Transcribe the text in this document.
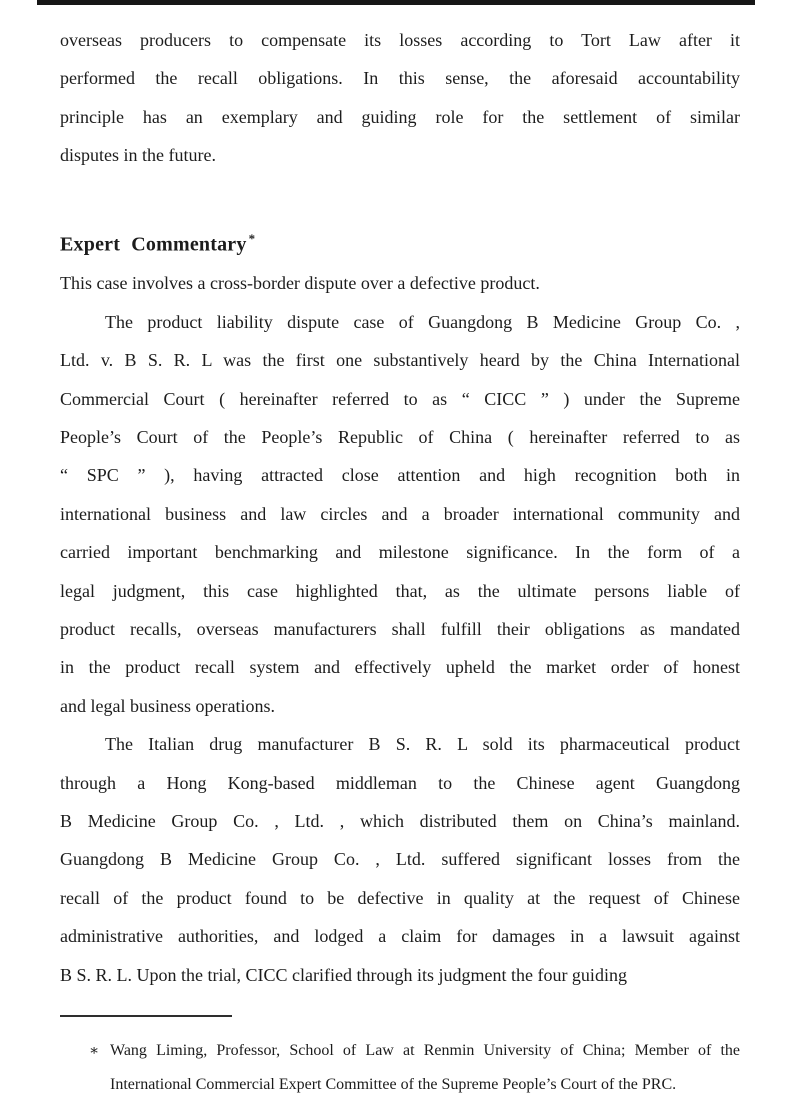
overseas producers to compensate its losses according to Tort Law after it
performed the recall obligations. In this sense, the aforesaid accountability
principle has an exemplary and guiding role for the settlement of similar
disputes in the future.
Expert Commentary *
This case involves a cross-border dispute over a defective product.
The product liability dispute case of Guangdong B Medicine Group Co. ,
Ltd. v. B S. R. L was the first one substantively heard by the China International
Commercial Court ( hereinafter referred to as “ CICC ” ) under the Supreme
People’s Court of the People’s Republic of China ( hereinafter referred to as
“ SPC ” ), having attracted close attention and high recognition both in
international business and law circles and a broader international community and
carried important benchmarking and milestone significance. In the form of a
legal judgment, this case highlighted that, as the ultimate persons liable of
product recalls, overseas manufacturers shall fulfill their obligations as mandated
in the product recall system and effectively upheld the market order of honest
and legal business operations.
The Italian drug manufacturer B S. R. L sold its pharmaceutical product
through a Hong Kong-based middleman to the Chinese agent Guangdong
B Medicine Group Co. , Ltd. , which distributed them on China’s mainland.
Guangdong B Medicine Group Co. , Ltd. suffered significant losses from the
recall of the product found to be defective in quality at the request of Chinese
administrative authorities, and lodged a claim for damages in a lawsuit against
B S. R. L. Upon the trial, CICC clarified through its judgment the four guiding
∗ Wang Liming, Professor, School of Law at Renmin University of China; Member of the
International Commercial Expert Committee of the Supreme People’s Court of the PRC.
